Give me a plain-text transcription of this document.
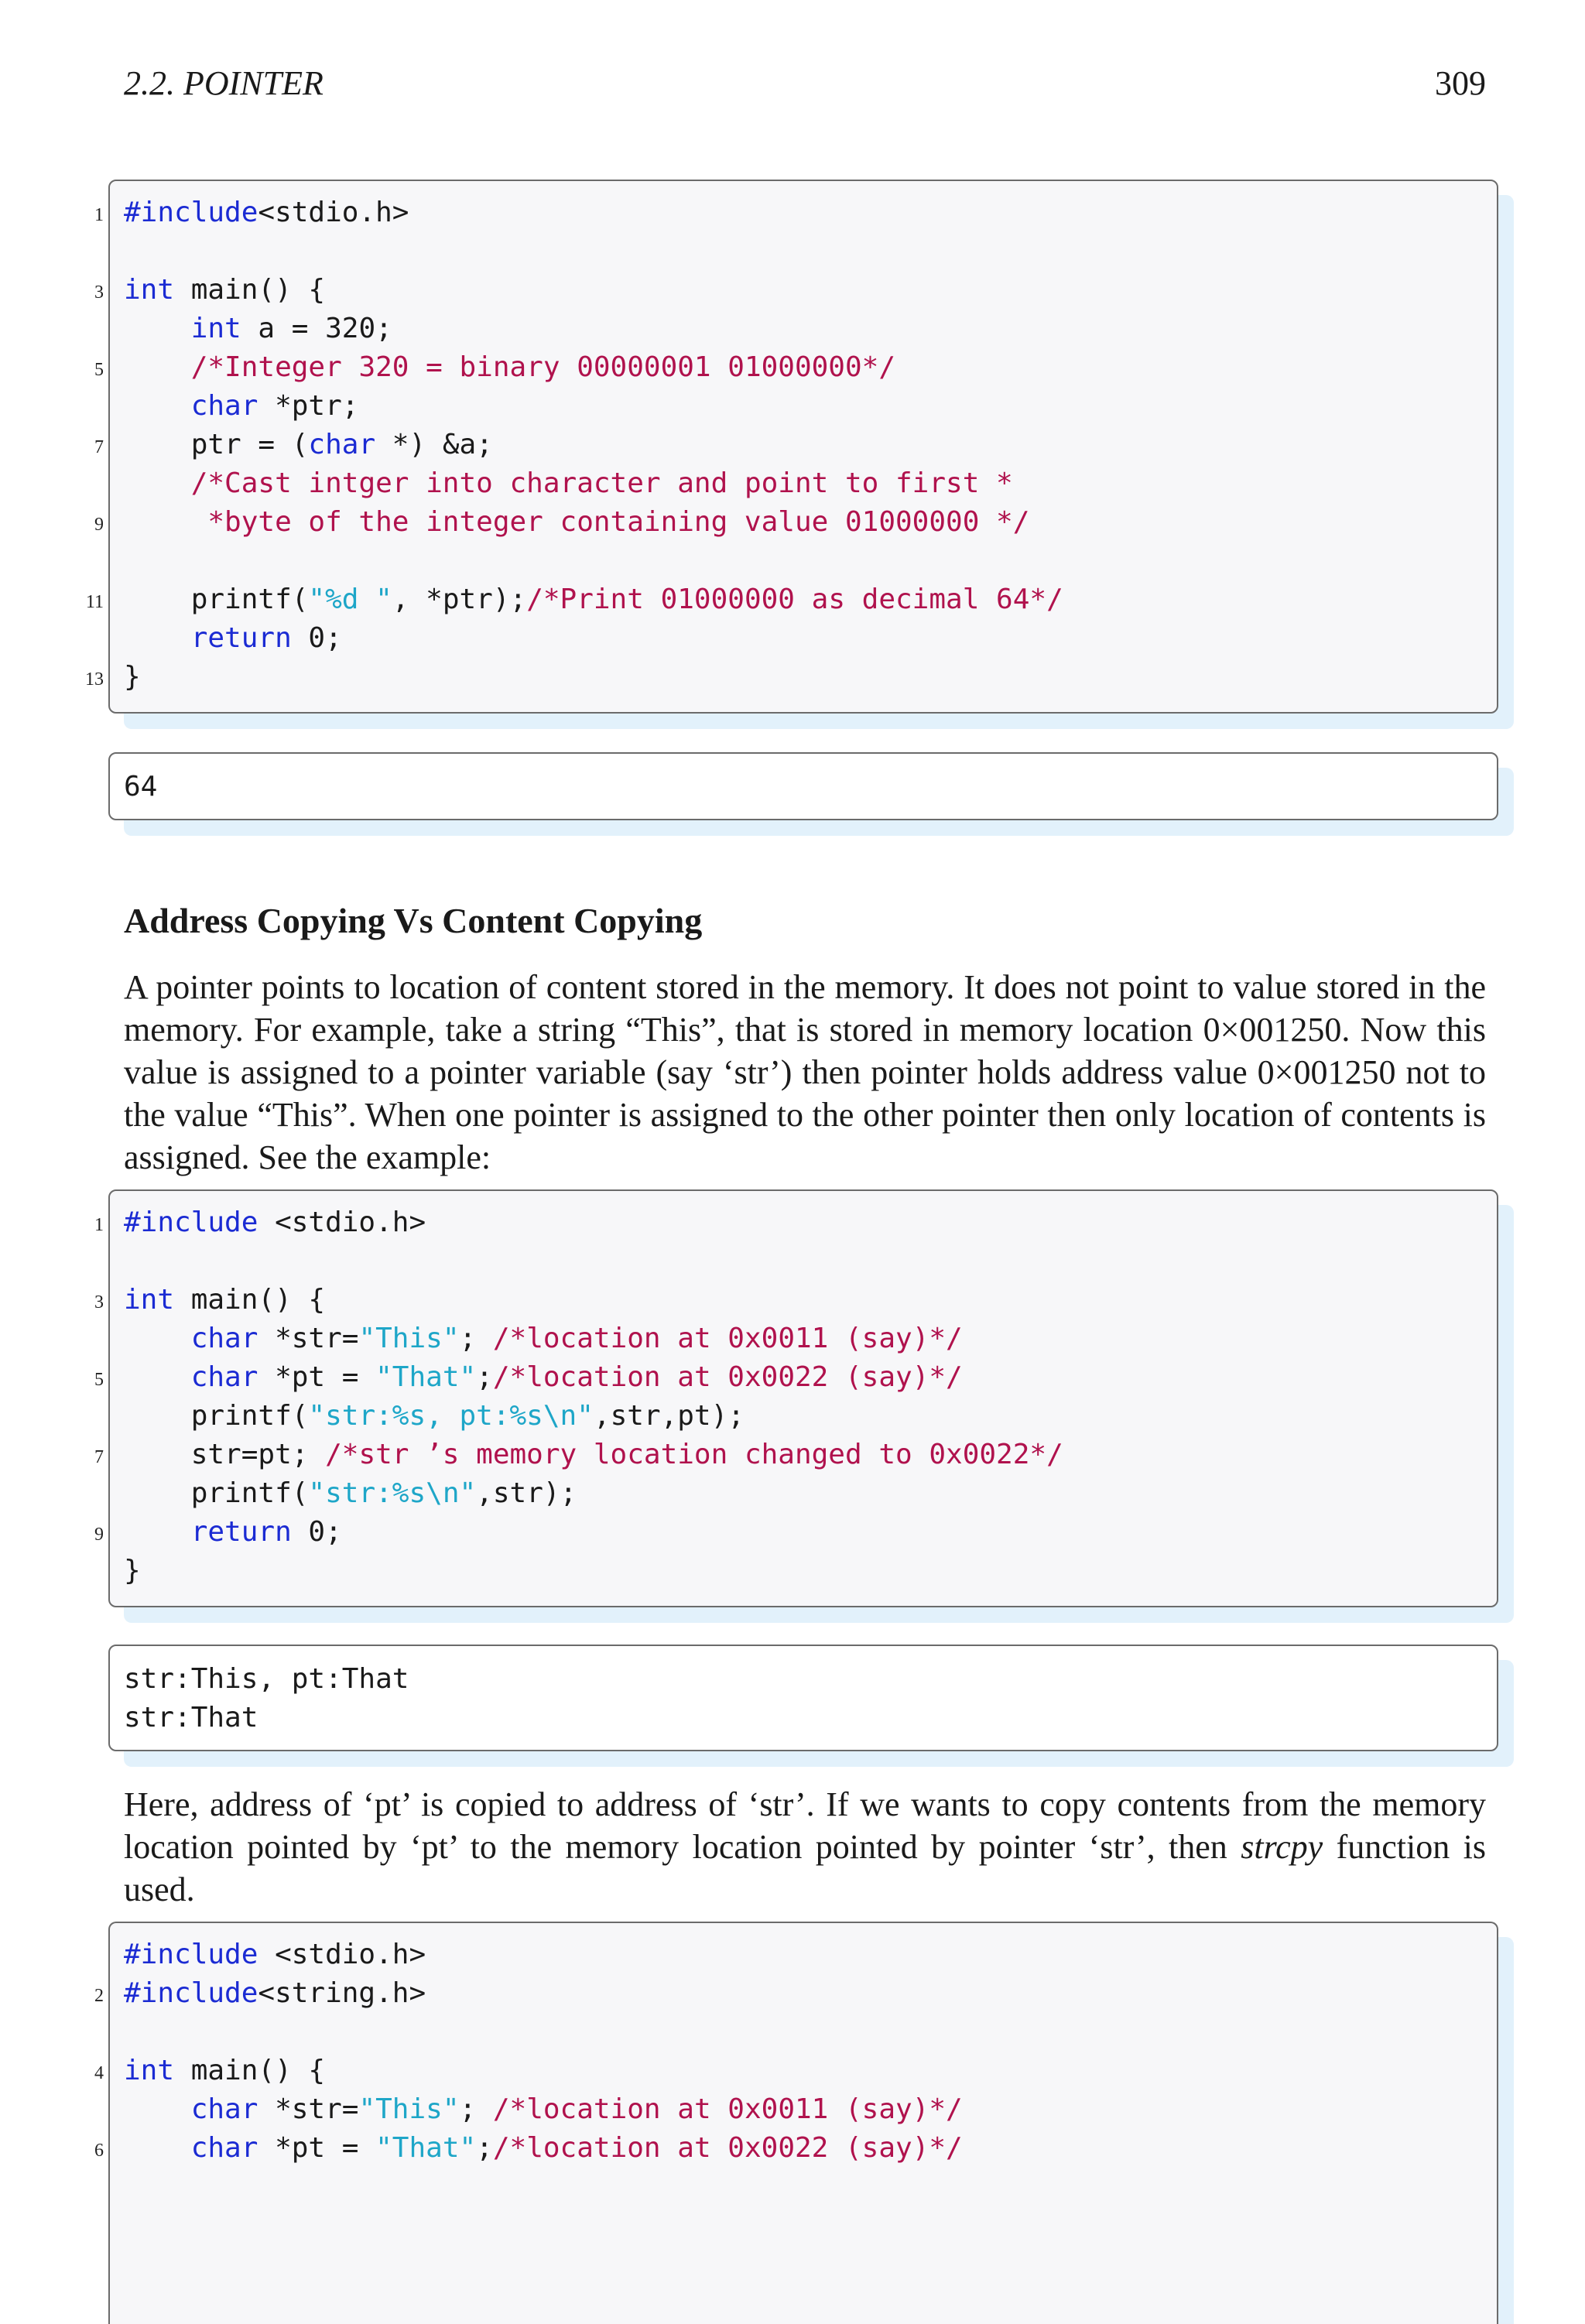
2.2. POINTER	309
1
3
5
7
9
11
13
#include<stdio.h>
int main() {
int a = 320;
/*Integer 320 = binary 00000001 01000000*/
char *ptr;
ptr = (char *) &a;
/*Cast intger into character and point to first *
*byte of the integer containing value 01000000 */
printf("%d ", *ptr);/*Print 01000000 as decimal 64*/
return 0;
}
64
Address Copying Vs Content Copying

A pointer points to location of content stored in the memory. It does not point to value stored in the memory. For example, take a string “This”, that is stored in memory location 0×001250. Now this value is assigned to a pointer variable (say ‘str’) then pointer holds address value 0×001250 not to the value “This”. When one pointer is assigned to the other pointer then only location of contents is assigned. See the example:

1
3
5
7
9
#include <stdio.h>
int main() {
char *str="This"; /*location at 0x0011 (say)*/
char *pt = "That";/*location at 0x0022 (say)*/
printf("str:%s, pt:%s\n",str,pt);
str=pt; /*str ’s memory location changed to 0x0022*/
printf("str:%s\n",str);
return 0;
}
str:This, pt:That
str:That

Here, address of ‘pt’ is copied to address of ‘str’. If we wants to copy contents from the memory location pointed by ‘pt’ to the memory location pointed by pointer ‘str’, then strcpy function is used.

2
4
6
#include <stdio.h>
#include<string.h>
int main() {
char *str="This"; /*location at 0x0011 (say)*/
char *pt = "That";/*location at 0x0022 (say)*/
